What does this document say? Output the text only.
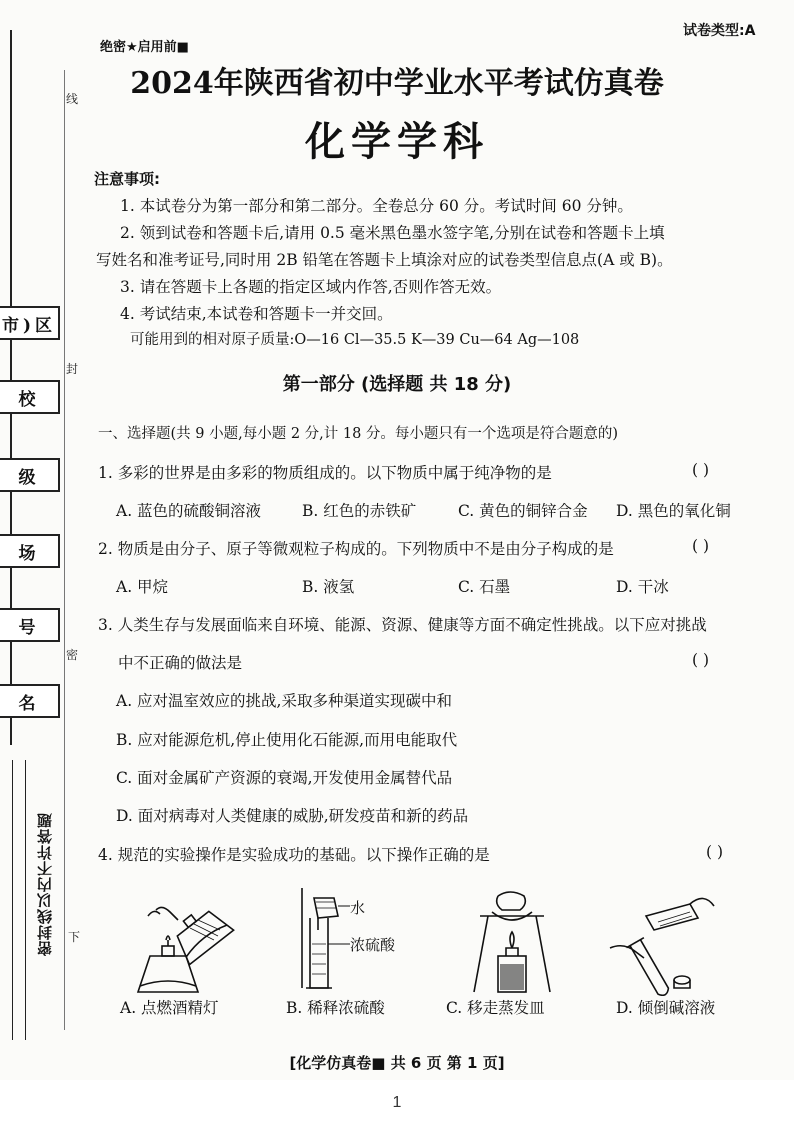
市)区
校
级
场
号
名
密封线以内不许答题
线
封
密
下
绝密★启用前■
试卷类型:A
2024年陕西省初中学业水平考试仿真卷
化学学科
注意事项:
1. 本试卷分为第一部分和第二部分。全卷总分 60 分。考试时间 60 分钟。
2. 领到试卷和答题卡后,请用 0.5 毫米黑色墨水签字笔,分别在试卷和答题卡上填
写姓名和准考证号,同时用 2B 铅笔在答题卡上填涂对应的试卷类型信息点(A 或 B)。
3. 请在答题卡上各题的指定区域内作答,否则作答无效。
4. 考试结束,本试卷和答题卡一并交回。
可能用到的相对原子质量:O—16 Cl—35.5 K—39 Cu—64 Ag—108
第一部分 (选择题 共 18 分)
一、选择题(共 9 小题,每小题 2 分,计 18 分。每小题只有一个选项是符合题意的)
1. 多彩的世界是由多彩的物质组成的。以下物质中属于纯净物的是	( )
A. 蓝色的硫酸铜溶液	B. 红色的赤铁矿	C. 黄色的铜锌合金 D. 黑色的氧化铜
2. 物质是由分子、原子等微观粒子构成的。下列物质中不是由分子构成的是	( )
A. 甲烷	B. 液氢	C. 石墨	D. 干冰
3. 人类生存与发展面临来自环境、能源、资源、健康等方面不确定性挑战。以下应对挑战
中不正确的做法是	( )
A. 应对温室效应的挑战,采取多种渠道实现碳中和
B. 应对能源危机,停止使用化石能源,而用电能取代
C. 面对金属矿产资源的衰竭,开发使用金属替代品
D. 面对病毒对人类健康的威胁,研发疫苗和新的药品
4. 规范的实验操作是实验成功的基础。以下操作正确的是	( )
A. 点燃酒精灯
水
浓硫酸
B. 稀释浓硫酸	C. 移走蒸发皿	D. 倾倒碱溶液
[化学仿真卷■ 共 6 页 第 1 页]
1
